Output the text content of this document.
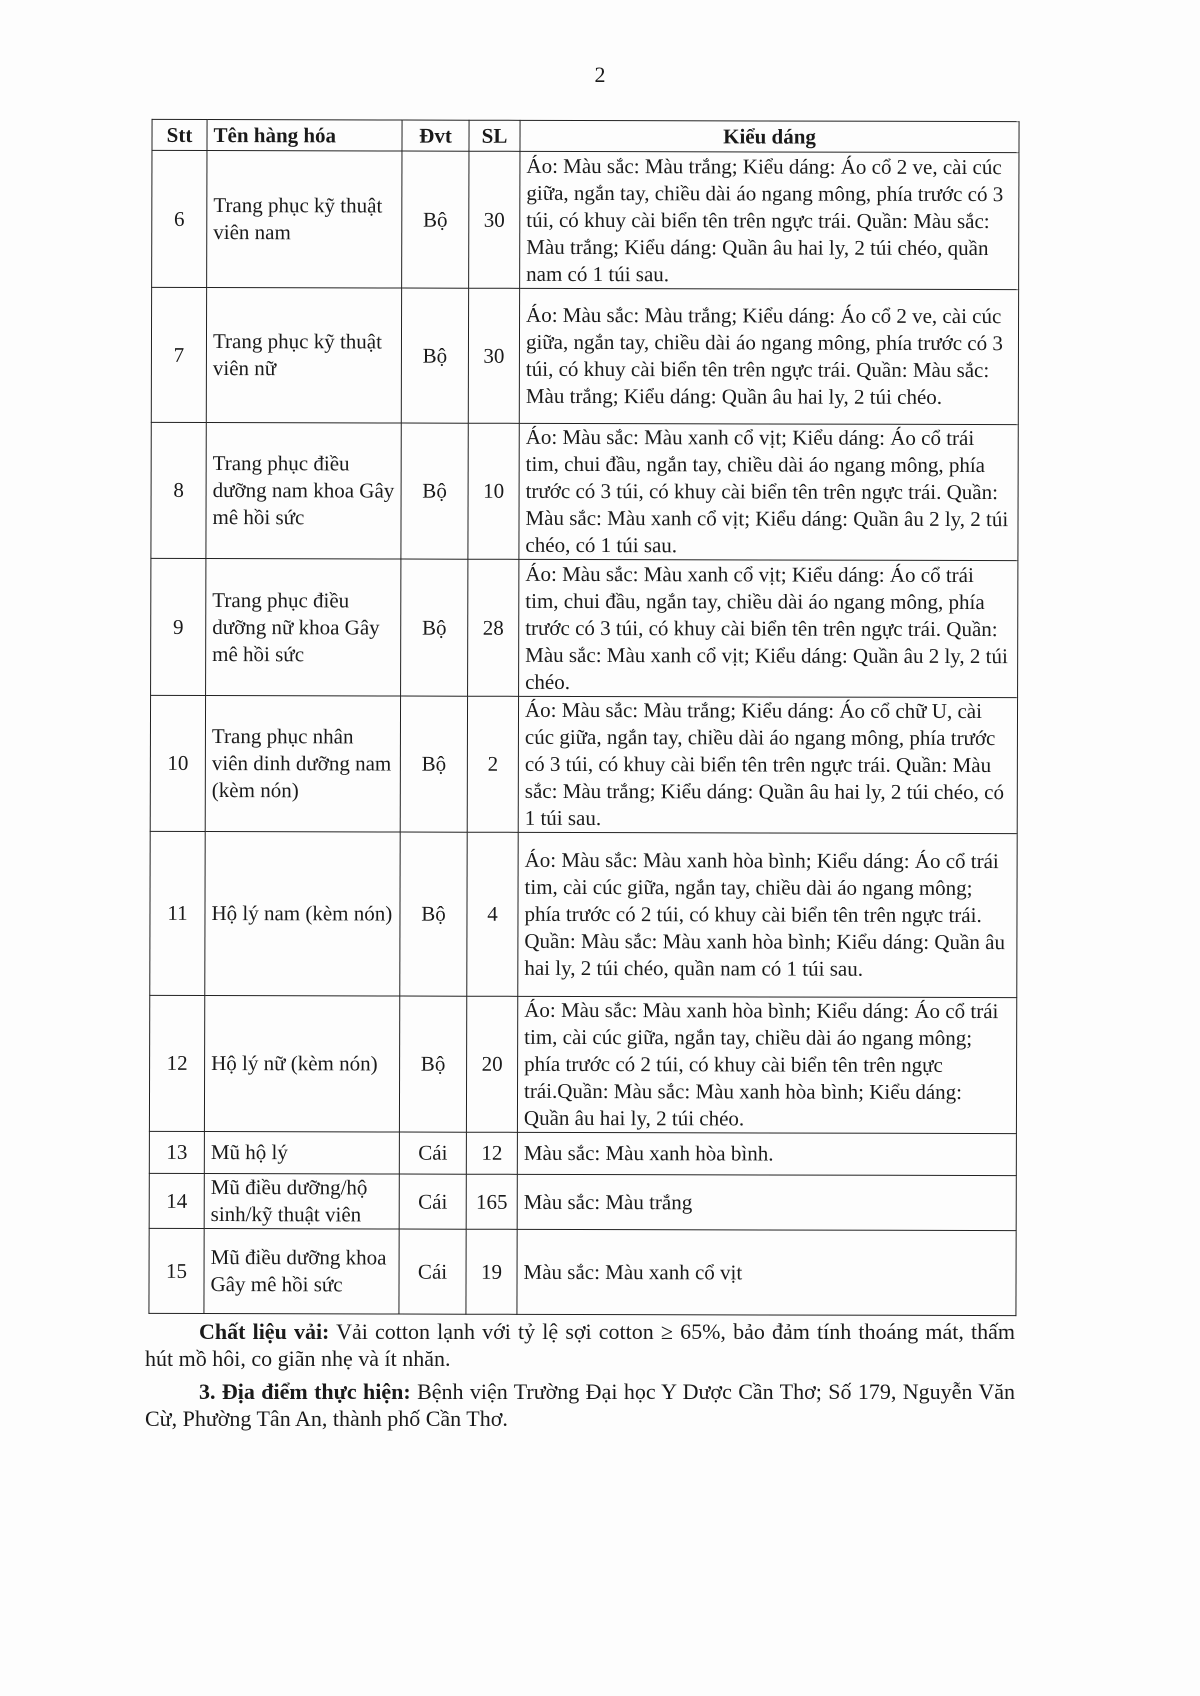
2
Stt	Tên hàng hóa	Đvt	SL	Kiểu dáng
6	Trang phục kỹ thuật viên nam	Bộ	30	Áo: Màu sắc: Màu trắng; Kiểu dáng: Áo cổ 2 ve, cài cúc giữa, ngắn tay, chiều dài áo ngang mông, phía trước có 3 túi, có khuy cài biển tên trên ngực trái. Quần: Màu sắc: Màu trắng; Kiểu dáng: Quần âu hai ly, 2 túi chéo, quần nam có 1 túi sau.
7	Trang phục kỹ thuật viên nữ	Bộ	30	Áo: Màu sắc: Màu trắng; Kiểu dáng: Áo cổ 2 ve, cài cúc giữa, ngắn tay, chiều dài áo ngang mông, phía trước có 3 túi, có khuy cài biển tên trên ngực trái. Quần: Màu sắc: Màu trắng; Kiểu dáng: Quần âu hai ly, 2 túi chéo.
8	Trang phục điều dưỡng nam khoa Gây mê hồi sức	Bộ	10	Áo: Màu sắc: Màu xanh cổ vịt; Kiểu dáng: Áo cổ trái tim, chui đầu, ngắn tay, chiều dài áo ngang mông, phía trước có 3 túi, có khuy cài biển tên trên ngực trái. Quần: Màu sắc: Màu xanh cổ vịt; Kiểu dáng: Quần âu 2 ly, 2 túi chéo, có 1 túi sau.
9	Trang phục điều dưỡng nữ khoa Gây mê hồi sức	Bộ	28	Áo: Màu sắc: Màu xanh cổ vịt; Kiểu dáng: Áo cổ trái tim, chui đầu, ngắn tay, chiều dài áo ngang mông, phía trước có 3 túi, có khuy cài biển tên trên ngực trái. Quần: Màu sắc: Màu xanh cổ vịt; Kiểu dáng: Quần âu 2 ly, 2 túi chéo.
10	Trang phục nhân viên dinh dưỡng nam (kèm nón)	Bộ	2	Áo: Màu sắc: Màu trắng; Kiểu dáng: Áo cổ chữ U, cài cúc giữa, ngắn tay, chiều dài áo ngang mông, phía trước có 3 túi, có khuy cài biển tên trên ngực trái. Quần: Màu sắc: Màu trắng; Kiểu dáng: Quần âu hai ly, 2 túi chéo, có 1 túi sau.
11	Hộ lý nam (kèm nón)	Bộ	4	Áo: Màu sắc: Màu xanh hòa bình; Kiểu dáng: Áo cổ trái tim, cài cúc giữa, ngắn tay, chiều dài áo ngang mông; phía trước có 2 túi, có khuy cài biển tên trên ngực trái. Quần: Màu sắc: Màu xanh hòa bình; Kiểu dáng: Quần âu hai ly, 2 túi chéo, quần nam có 1 túi sau.
12	Hộ lý nữ (kèm nón)	Bộ	20	Áo: Màu sắc: Màu xanh hòa bình; Kiểu dáng: Áo cổ trái tim, cài cúc giữa, ngắn tay, chiều dài áo ngang mông; phía trước có 2 túi, có khuy cài biển tên trên ngực trái.Quần: Màu sắc: Màu xanh hòa bình; Kiểu dáng: Quần âu hai ly, 2 túi chéo.
13	Mũ hộ lý	Cái	12	Màu sắc: Màu xanh hòa bình.
14	Mũ điều dưỡng/hộ sinh/kỹ thuật viên	Cái	165	Màu sắc: Màu trắng
15	Mũ điều dưỡng khoa Gây mê hồi sức	Cái	19	Màu sắc: Màu xanh cổ vịt

Chất liệu vải: Vải cotton lạnh với tỷ lệ sợi cotton ≥ 65%, bảo đảm tính thoáng mát, thấm hút mồ hôi, co giãn nhẹ và ít nhăn.

3. Địa điểm thực hiện: Bệnh viện Trường Đại học Y Dược Cần Thơ; Số 179, Nguyễn Văn Cừ, Phường Tân An, thành phố Cần Thơ.
